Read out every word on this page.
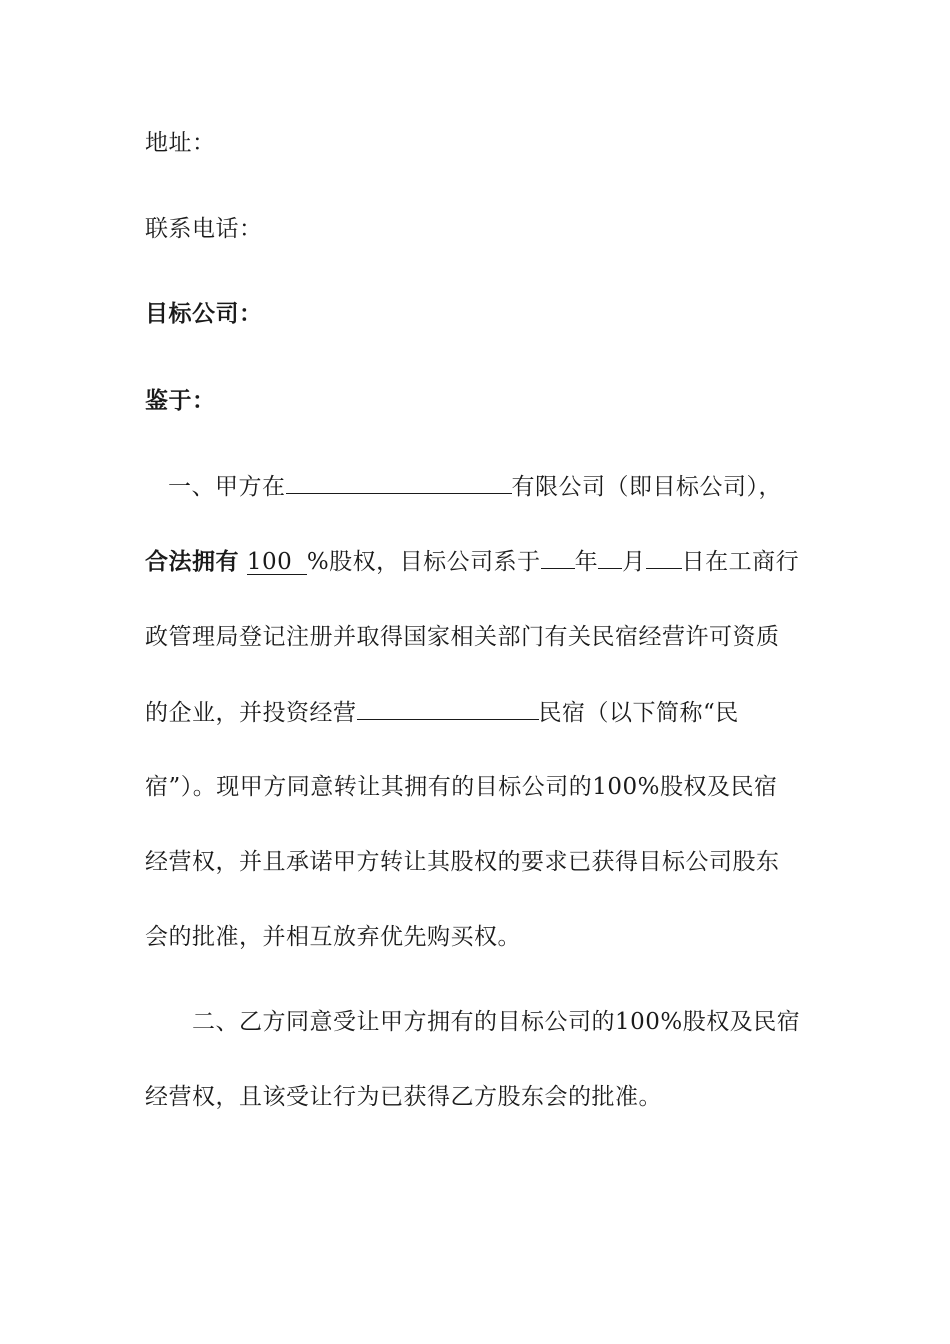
地址：
联系电话：
目标公司：
鉴于：
一、甲方在	有限公司（即目标公司），
合法拥有 100 %股权，目标公司系于 年 月 日在工商行
政管理局登记注册并取得国家相关部门有关民宿经营许可资质
的企业，并投资经营	民宿（以下简称“民
宿”）。现甲方同意转让其拥有的目标公司的100%股权及民宿
经营权，并且承诺甲方转让其股权的要求已获得目标公司股东
会的批准，并相互放弃优先购买权。
二、乙方同意受让甲方拥有的目标公司的100%股权及民宿
经营权，且该受让行为已获得乙方股东会的批准。
